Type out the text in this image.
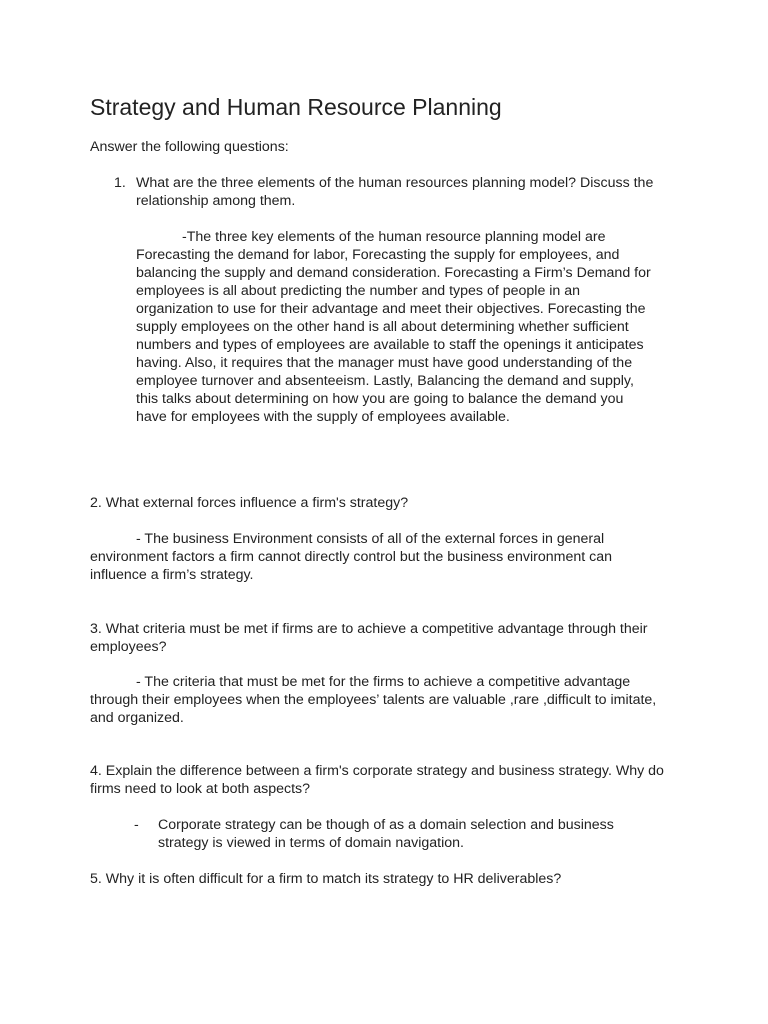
Strategy and Human Resource Planning
Answer the following questions:
1. What are the three elements of the human resources planning model? Discuss the relationship among them.
-The three key elements of the human resource planning model are Forecasting the demand for labor, Forecasting the supply for employees, and balancing the supply and demand consideration. Forecasting a Firm’s Demand for employees is all about predicting the number and types of people in an organization to use for their advantage and meet their objectives. Forecasting the supply employees on the other hand is all about determining whether sufficient numbers and types of employees are available to staff the openings it anticipates having. Also, it requires that the manager must have good understanding of the employee turnover and absenteeism. Lastly, Balancing the demand and supply, this talks about determining on how you are going to balance the demand you have for employees with the supply of employees available.
2. What external forces influence a firm's strategy?
- The business Environment consists of all of the external forces in general environment factors a firm cannot directly control but the business environment can influence a firm’s strategy.
3. What criteria must be met if firms are to achieve a competitive advantage through their employees?
- The criteria that must be met for the firms to achieve a competitive advantage through their employees when the employees’ talents are valuable ,rare ,difficult to imitate, and organized.
4. Explain the difference between a firm's corporate strategy and business strategy. Why do firms need to look at both aspects?
- Corporate strategy can be though of as a domain selection and business strategy is viewed in terms of domain navigation.
5. Why it is often difficult for a firm to match its strategy to HR deliverables?
